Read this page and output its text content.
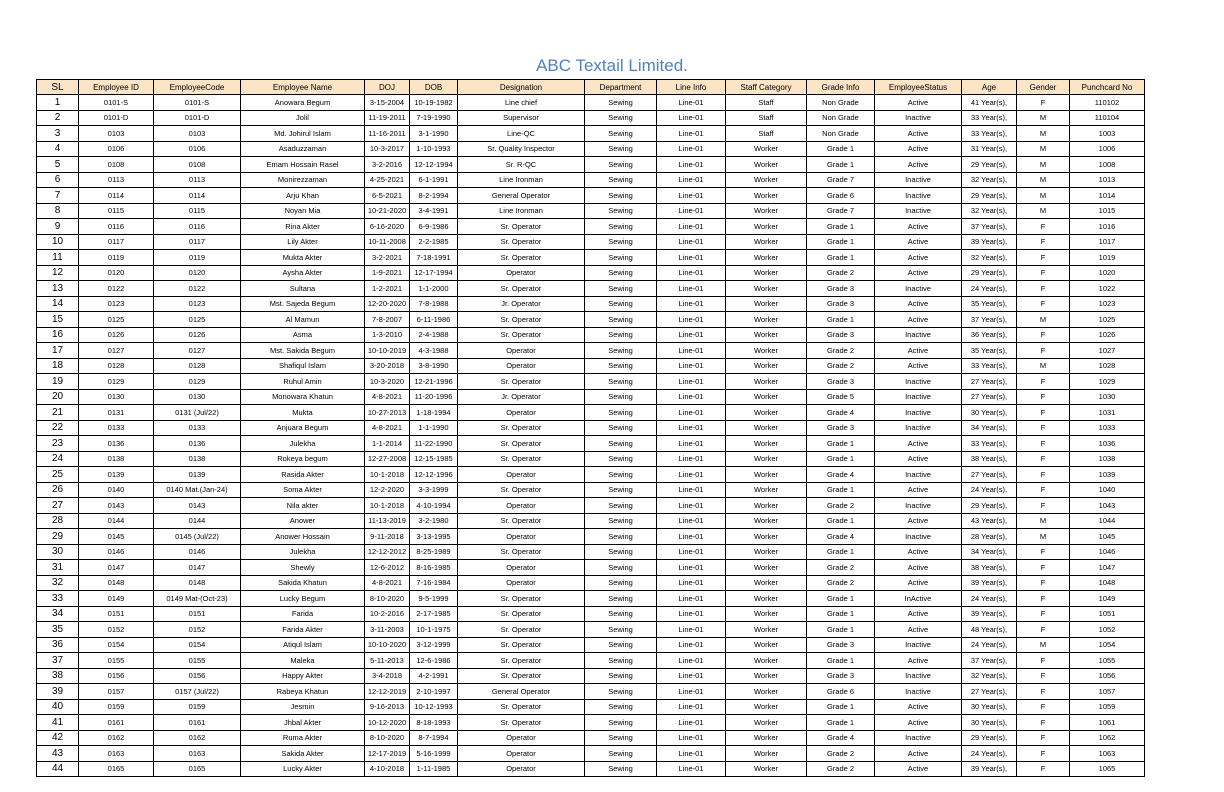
ABC Textail Limited.
SL	Employee ID	EmployeeCode	Employee Name	DOJ	DOB	Designation	Department	Line Info	Staff Category	Grade Info	EmployeeStatus	Age	Gender	Punchcard No
1	0101-S	0101-S	Anowara Begum	3-15-2004	10-19-1982	Line chief	Sewing	Line-01	Staff	Non Grade	Active	41 Year(s),	F	110102
2	0101-D	0101-D	Jolil	11-19-2011	7-19-1990	Supervisor	Sewing	Line-01	Staff	Non Grade	Inactive	33 Year(s),	M	110104
3	0103	0103	Md. Johirul Islam	11-16-2011	3-1-1990	Line-QC	Sewing	Line-01	Staff	Non Grade	Active	33 Year(s),	M	1003
4	0106	0106	Asaduzzaman	10-3-2017	1-10-1993	Sr. Quality Inspector	Sewing	Line-01	Worker	Grade 1	Active	31 Year(s),	M	1006
5	0108	0108	Emam Hossain Rasel	3-2-2016	12-12-1994	Sr. R-QC	Sewing	Line-01	Worker	Grade 1	Active	29 Year(s),	M	1008
6	0113	0113	Monirezzaman	4-25-2021	6-1-1991	Line Ironman	Sewing	Line-01	Worker	Grade 7	Inactive	32 Year(s),	M	1013
7	0114	0114	Arju Khan	6-5-2021	8-2-1994	General Operator	Sewing	Line-01	Worker	Grade 6	Inactive	29 Year(s),	M	1014
8	0115	0115	Noyan Mia	10-21-2020	3-4-1991	Line Ironman	Sewing	Line-01	Worker	Grade 7	Inactive	32 Year(s),	M	1015
9	0116	0116	Rina Akter	6-16-2020	6-9-1986	Sr. Operator	Sewing	Line-01	Worker	Grade 1	Active	37 Year(s),	F	1016
10	0117	0117	Lily Akter	10-11-2008	2-2-1985	Sr. Operator	Sewing	Line-01	Worker	Grade 1	Active	39 Year(s),	F	1017
11	0119	0119	Mukta Akter	3-2-2021	7-18-1991	Sr. Operator	Sewing	Line-01	Worker	Grade 1	Active	32 Year(s),	F	1019
12	0120	0120	Aysha Akter	1-9-2021	12-17-1994	Operator	Sewing	Line-01	Worker	Grade 2	Active	29 Year(s),	F	1020
13	0122	0122	Sultana	1-2-2021	1-1-2000	Sr. Operator	Sewing	Line-01	Worker	Grade 3	Inactive	24 Year(s),	F	1022
14	0123	0123	Mst. Sajeda Begum	12-20-2020	7-8-1988	Jr. Operator	Sewing	Line-01	Worker	Grade 3	Active	35 Year(s),	F	1023
15	0125	0125	Al Mamun	7-8-2007	6-11-1986	Sr. Operator	Sewing	Line-01	Worker	Grade 1	Active	37 Year(s),	M	1025
16	0126	0126	Asma	1-3-2010	2-4-1988	Sr. Operator	Sewing	Line-01	Worker	Grade 3	Inactive	36 Year(s),	F	1026
17	0127	0127	Mst. Sakida Begum	10-10-2019	4-3-1988	Operator	Sewing	Line-01	Worker	Grade 2	Active	35 Year(s),	F	1027
18	0128	0128	Shafiqul Islam	3-20-2018	3-8-1990	Operator	Sewing	Line-01	Worker	Grade 2	Active	33 Year(s),	M	1028
19	0129	0129	Ruhul Amin	10-3-2020	12-21-1996	Sr. Operator	Sewing	Line-01	Worker	Grade 3	Inactive	27 Year(s),	F	1029
20	0130	0130	Monowara Khatun	4-8-2021	11-20-1996	Jr. Operator	Sewing	Line-01	Worker	Grade 5	Inactive	27 Year(s),	F	1030
21	0131	0131 (Jul/22)	Mukta	10-27-2013	1-18-1994	Operator	Sewing	Line-01	Worker	Grade 4	Inactive	30 Year(s),	F	1031
22	0133	0133	Anjuara Begum	4-8-2021	1-1-1990	Sr. Operator	Sewing	Line-01	Worker	Grade 3	Inactive	34 Year(s),	F	1033
23	0136	0136	Julekha	1-1-2014	11-22-1990	Sr. Operator	Sewing	Line-01	Worker	Grade 1	Active	33 Year(s),	F	1036
24	0138	0138	Rokeya begum	12-27-2008	12-15-1985	Sr. Operator	Sewing	Line-01	Worker	Grade 1	Active	38 Year(s),	F	1038
25	0139	0139	Rasida Akter	10-1-2018	12-12-1996	Operator	Sewing	Line-01	Worker	Grade 4	Inactive	27 Year(s),	F	1039
26	0140	0140 Mat.(Jan-24)	Soma Akter	12-2-2020	3-3-1999	Sr. Operator	Sewing	Line-01	Worker	Grade 1	Active	24 Year(s),	F	1040
27	0143	0143	Nila akter	10-1-2018	4-10-1994	Operator	Sewing	Line-01	Worker	Grade 2	Inactive	29 Year(s),	F	1043
28	0144	0144	Anower	11-13-2019	3-2-1980	Sr. Operator	Sewing	Line-01	Worker	Grade 1	Active	43 Year(s),	M	1044
29	0145	0145 (Jul/22)	Anower Hossain	9-11-2018	3-13-1995	Operator	Sewing	Line-01	Worker	Grade 4	Inactive	28 Year(s),	M	1045
30	0146	0146	Julekha	12-12-2012	8-25-1989	Sr. Operator	Sewing	Line-01	Worker	Grade 1	Active	34 Year(s),	F	1046
31	0147	0147	Shewly	12-6-2012	8-16-1985	Operator	Sewing	Line-01	Worker	Grade 2	Active	38 Year(s),	F	1047
32	0148	0148	Sakida Khatun	4-8-2021	7-16-1984	Operator	Sewing	Line-01	Worker	Grade 2	Active	39 Year(s),	F	1048
33	0149	0149 Mat-(Oct-23)	Lucky Begum	8-10-2020	9-5-1999	Sr. Operator	Sewing	Line-01	Worker	Grade 1	InActive	24 Year(s),	F	1049
34	0151	0151	Farida	10-2-2016	2-17-1985	Sr. Operator	Sewing	Line-01	Worker	Grade 1	Active	39 Year(s),	F	1051
35	0152	0152	Farida Akter	3-11-2003	10-1-1975	Sr. Operator	Sewing	Line-01	Worker	Grade 1	Active	48 Year(s),	F	1052
36	0154	0154	Atiqul Islam	10-10-2020	3-12-1999	Sr. Operator	Sewing	Line-01	Worker	Grade 3	Inactive	24 Year(s),	M	1054
37	0155	0155	Maleka	5-11-2013	12-6-1986	Sr. Operator	Sewing	Line-01	Worker	Grade 1	Active	37 Year(s),	F	1055
38	0156	0156	Happy Akter	3-4-2018	4-2-1991	Sr. Operator	Sewing	Line-01	Worker	Grade 3	Inactive	32 Year(s),	F	1056
39	0157	0157 (Jul/22)	Rabeya Khatun	12-12-2019	2-10-1997	General Operator	Sewing	Line-01	Worker	Grade 6	Inactive	27 Year(s),	F	1057
40	0159	0159	Jesmin	9-16-2013	10-12-1993	Sr. Operator	Sewing	Line-01	Worker	Grade 1	Active	30 Year(s),	F	1059
41	0161	0161	Jhbal Akter	10-12-2020	8-18-1993	Sr. Operator	Sewing	Line-01	Worker	Grade 1	Active	30 Year(s),	F	1061
42	0162	0162	Ruma Akter	8-10-2020	8-7-1994	Operator	Sewing	Line-01	Worker	Grade 4	Inactive	29 Year(s),	F	1062
43	0163	0163	Sakida Akter	12-17-2019	5-16-1999	Operator	Sewing	Line-01	Worker	Grade 2	Active	24 Year(s),	F	1063
44	0165	0165	Lucky Akter	4-10-2018	1-11-1985	Operator	Sewing	Line-01	Worker	Grade 2	Active	39 Year(s),	F	1065
